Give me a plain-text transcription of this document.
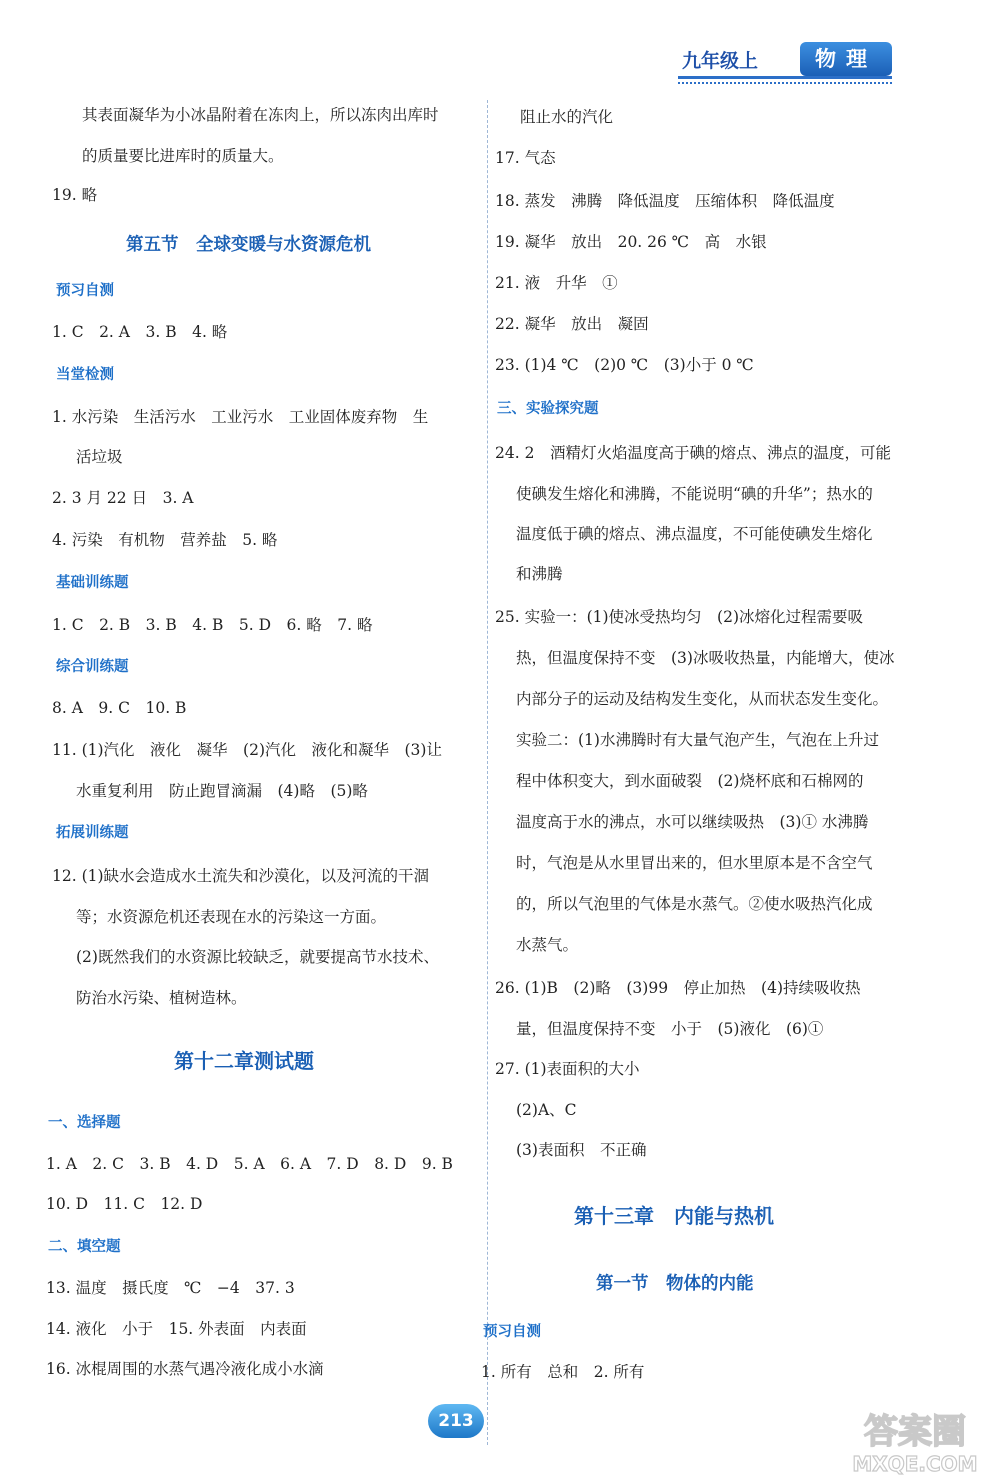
九年级上	物理
其表面凝华为小冰晶附着在冻肉上，所以冻肉出库时
的质量要比进库时的质量大。
19. 略
第五节　全球变暖与水资源危机
预习自测
1. C　2. A　3. B　4. 略
当堂检测
1. 水污染　生活污水　工业污水　工业固体废弃物　生
活垃圾
2. 3 月 22 日　3. A
4. 污染　有机物　营养盐　5. 略
基础训练题
1. C　2. B　3. B　4. B　5. D　6. 略　7. 略
综合训练题
8. A　9. C　10. B
11. (1)汽化　液化　凝华　(2)汽化　液化和凝华　(3)让
水重复利用　防止跑冒滴漏　(4)略　(5)略
拓展训练题
12. (1)缺水会造成水土流失和沙漠化，以及河流的干涸
等；水资源危机还表现在水的污染这一方面。
(2)既然我们的水资源比较缺乏，就要提高节水技术、
防治水污染、植树造林。
第十二章测试题
一、选择题
1. A　2. C　3. B　4. D　5. A　6. A　7. D　8. D　9. B
10. D　11. C　12. D
二、填空题
13. 温度　摄氏度　℃　−4　37. 3
14. 液化　小于　15. 外表面　内表面
16. 冰棍周围的水蒸气遇冷液化成小水滴
阻止水的汽化
17. 气态
18. 蒸发　沸腾　降低温度　压缩体积　降低温度
19. 凝华　放出　20. 26 ℃　高　水银
21. 液　升华　①
22. 凝华　放出　凝固
23. (1)4 ℃　(2)0 ℃　(3)小于 0 ℃
三、实验探究题
24. 2　酒精灯火焰温度高于碘的熔点、沸点的温度，可能
使碘发生熔化和沸腾，不能说明“碘的升华”；热水的
温度低于碘的熔点、沸点温度，不可能使碘发生熔化
和沸腾
25. 实验一：(1)使冰受热均匀　(2)冰熔化过程需要吸
热，但温度保持不变　(3)冰吸收热量，内能增大，使冰
内部分子的运动及结构发生变化，从而状态发生变化。
实验二：(1)水沸腾时有大量气泡产生，气泡在上升过
程中体积变大，到水面破裂　(2)烧杯底和石棉网的
温度高于水的沸点，水可以继续吸热　(3)① 水沸腾
时，气泡是从水里冒出来的，但水里原本是不含空气
的，所以气泡里的气体是水蒸气。②使水吸热汽化成
水蒸气。
26. (1)B　(2)略　(3)99　停止加热　(4)持续吸收热
量，但温度保持不变　小于　(5)液化　(6)①
27. (1)表面积的大小
(2)A、C
(3)表面积　不正确
第十三章　内能与热机
第一节　物体的内能
预习自测
1. 所有　总和　2. 所有
213	答案圈
MXQE.COM
